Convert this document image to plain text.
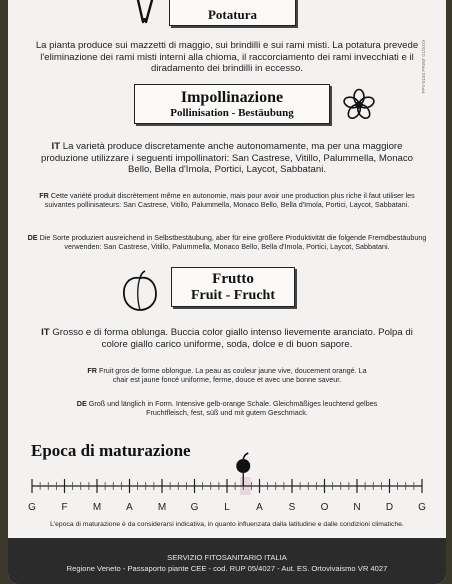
Potatura
La pianta produce sui mazzetti di maggio, sui brindilli e sui rami misti. La potatura prevede l'eliminazione dei rami misti interni alla chioma, il raccorciamento dei rami invecchiati e il diradamento dei brindilli in eccesso.	PPV-0184 PRINT 01/2019
Impollinazione
Pollinisation - Bestäubung
IT La varietà produce discretamente anche autonomamente, ma per una maggiore produzione utilizzare i seguenti impollinatori: San Castrese, Vitillo, Palummella, Monaco Bello, Bella d'Imola, Portici, Laycot, Sabbatani.
FR Cette variété produit discrètement même en autonomie, mais pour avoir une production plus riche il faut utiliser les suivantes pollinisateurs: San Castrese, Vitillo, Palummella, Monaco Bello, Bella d'Imola, Portici, Laycot, Sabbatani.
DE Die Sorte produziert ausreichend in Selbstbestäubung, aber für eine größere Produktivität die folgende Fremdbestäubung verwenden: San Castrese, Vitillo, Palummella, Monaco Bello, Bella d'Imola, Portici, Laycot, Sabbatani.
Frutto
Fruit - Frucht
IT Grosso e di forma oblunga. Buccia color giallo intenso lievemente aranciato. Polpa di colore giallo carico uniforme, soda, dolce e di buon sapore.
FR Fruit gros de forme oblongue. La peau as couleur jaune vive, doucement orangé. La chair est jaune foncé uniforme, ferme, douce et avec une bonne saveur.
DE Groß und länglich in Form. Intensive gelb-orange Schale. Gleichmäßiges leuchtend gelbes Fruchtfleisch, fest, süß und mit gutem Geschmack.
Epoca di maturazione
G	F	M A M G	L	A	S	O N	D G
L'epoca di maturazione è da considerarsi indicativa, in quanto influenzata dalla latitudine e dalle condizioni climatiche.
SERVIZIO FITOSANITARIO ITALIA
Regione Veneto - Passaporto piante CEE - cod. RUP 05/4027 - Aut. ES. Ortovivaismo VR 4027
